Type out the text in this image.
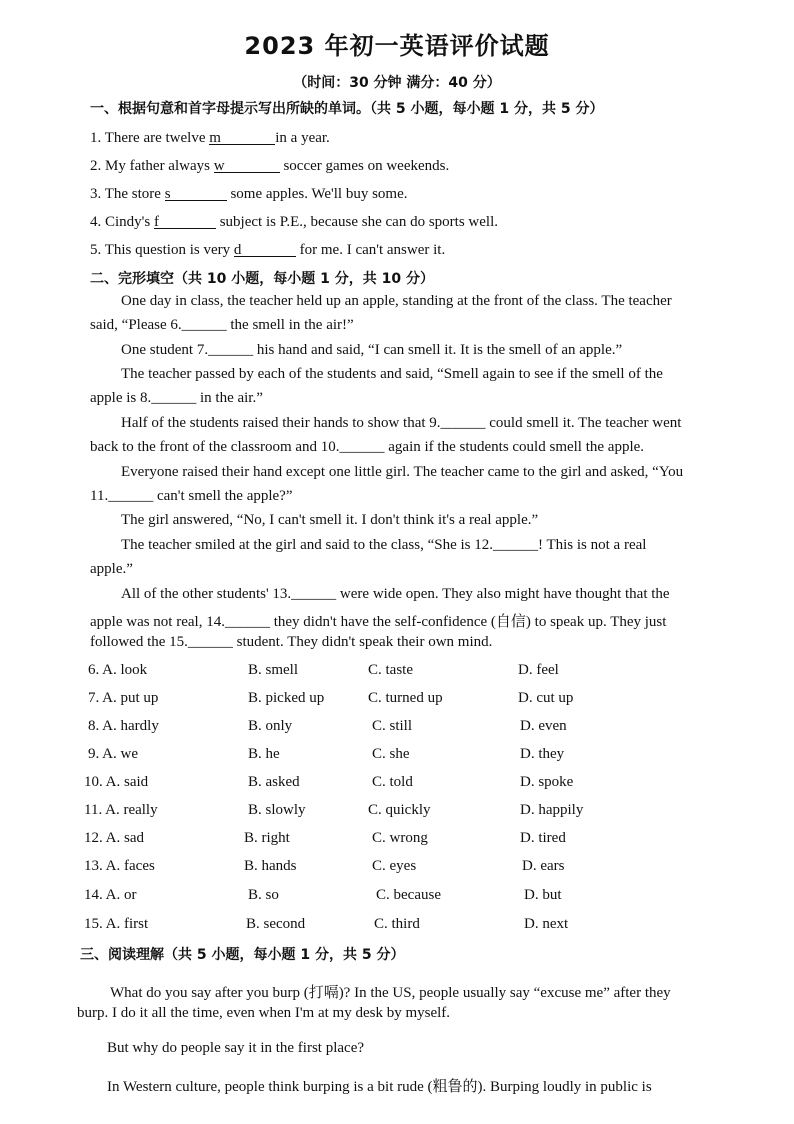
2023 年初一英语评价试题
（时间：30 分钟 满分：40 分）
一、根据句意和首字母提示写出所缺的单词。（共 5 小题，每小题 1 分，共 5 分）
1. There are twelve m	in a year.
2. My father always w	soccer games on weekends.
3. The store s	some apples. We'll buy some.
4. Cindy's f	subject is P.E., because she can do sports well.
5. This question is very d	for me. I can't answer it.
二、完形填空（共 10 小题，每小题 1 分，共 10 分）
One day in class, the teacher held up an apple, standing at the front of the class. The teacher
said, “Please 6.______ the smell in the air!”
One student 7.______ his hand and said, “I can smell it. It is the smell of an apple.”
The teacher passed by each of the students and said, “Smell again to see if the smell of the
apple is 8.______ in the air.”
Half of the students raised their hands to show that 9.______ could smell it. The teacher went
back to the front of the classroom and 10.______ again if the students could smell the apple.
Everyone raised their hand except one little girl. The teacher came to the girl and asked, “You
11.______ can't smell the apple?”
The girl answered, “No, I can't smell it. I don't think it's a real apple.”
The teacher smiled at the girl and said to the class, “She is 12.______! This is not a real
apple.”
All of the other students' 13.______ were wide open. They also might have thought that the
apple was not real, 14.______ they didn't have the self-confidence (自信) to speak up. They just
followed the 15.______ student. They didn't speak their own mind.
6. A. look	B. smell	C. taste	D. feel
7. A. put up	B. picked up	C. turned up	D. cut up
8. A. hardly	B. only	C. still	D. even
9. A. we	B. he	C. she	D. they
10. A. said	B. asked	C. told	D. spoke
11. A. really	B. slowly	C. quickly	D. happily
12. A. sad	B. right	C. wrong	D. tired
13. A. faces	B. hands	C. eyes	D. ears
14. A. or	B. so	C. because	D. but
15. A. first	B. second	C. third	D. next
三、阅读理解（共 5 小题，每小题 1 分，共 5 分）
What do you say after you burp (打嗝)? In the US, people usually say “excuse me” after they
burp. I do it all the time, even when I'm at my desk by myself.
But why do people say it in the first place?
In Western culture, people think burping is a bit rude (粗鲁的). Burping loudly in public is
